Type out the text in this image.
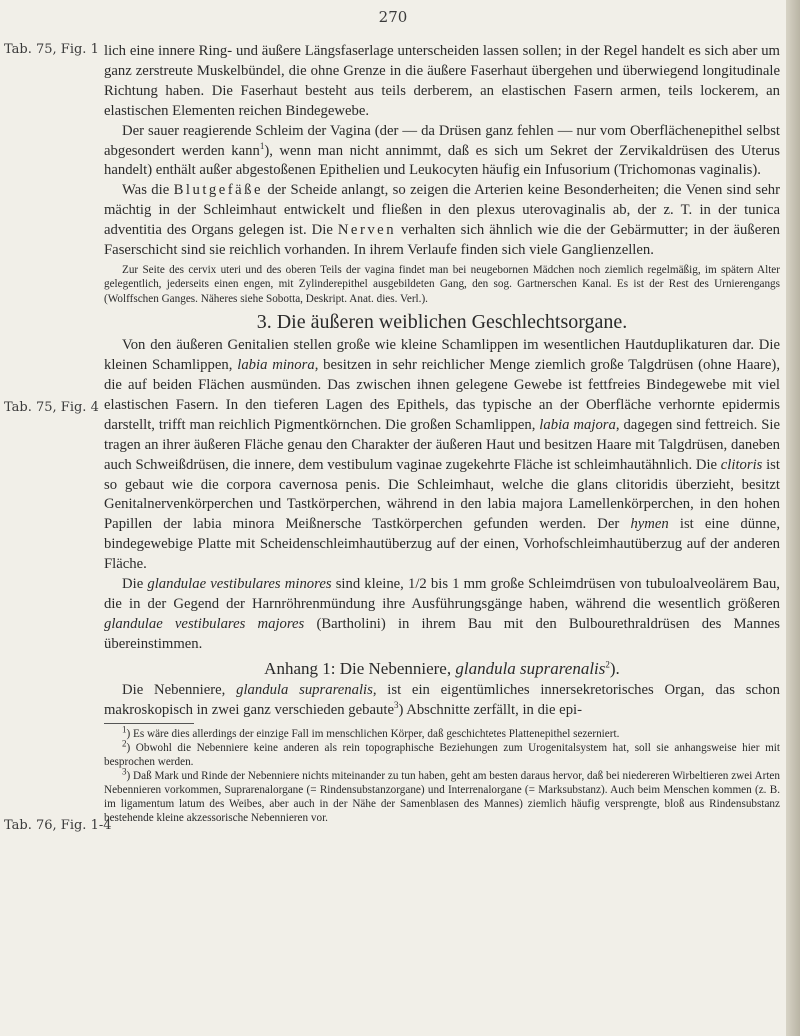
270
Tab. 75, Fig. 1
Tab. 75, Fig. 4
Tab. 76, Fig. 1-4

lich eine innere Ring- und äußere Längsfaserlage unterscheiden lassen sollen; in der Regel handelt es sich aber um ganz zerstreute Muskelbündel, die ohne Grenze in die äußere Faserhaut übergehen und überwiegend longitudinale Richtung haben. Die Faserhaut besteht aus teils derberem, an elastischen Fasern armen, teils lockerem, an elastischen Elementen reichen Bindegewebe.

Der sauer reagierende Schleim der Vagina (der — da Drüsen ganz fehlen — nur vom Oberflächenepithel selbst abgesondert werden kann$^1$), wenn man nicht annimmt, daß es sich um Sekret der Zervikaldrüsen des Uterus handelt) enthält außer abgestoßenen Epithelien und Leukocyten häufig ein Infusorium (Trichomonas vaginalis).

Was die Blutgefäße der Scheide anlangt, so zeigen die Arterien keine Besonderheiten; die Venen sind sehr mächtig in der Schleimhaut entwickelt und fließen in den plexus uterovaginalis ab, der z. T. in der tunica adventitia des Organs gelegen ist. Die Nerven verhalten sich ähnlich wie die der Gebärmutter; in der äußeren Faserschicht sind sie reichlich vorhanden. In ihrem Verlaufe finden sich viele Ganglienzellen.

Zur Seite des cervix uteri und des oberen Teils der vagina findet man bei neugebornen Mädchen noch ziemlich regelmäßig, im spätern Alter gelegentlich, jederseits einen engen, mit Zylinderepithel ausgebildeten Gang, den sog. Gartnerschen Kanal. Es ist der Rest des Urnierengangs (Wolffschen Ganges. Näheres siehe Sobotta, Deskript. Anat. dies. Verl.).

3. Die äußeren weiblichen Geschlechtsorgane.

Von den äußeren Genitalien stellen große wie kleine Schamlippen im wesentlichen Hautduplikaturen dar. Die kleinen Schamlippen, labia minora, besitzen in sehr reichlicher Menge ziemlich große Talgdrüsen (ohne Haare), die auf beiden Flächen ausmünden. Das zwischen ihnen gelegene Gewebe ist fettfreies Bindegewebe mit viel elastischen Fasern. In den tieferen Lagen des Epithels, das typische an der Oberfläche verhornte epidermis darstellt, trifft man reichlich Pigmentkörnchen. Die großen Schamlippen, labia majora, dagegen sind fettreich. Sie tragen an ihrer äußeren Fläche genau den Charakter der äußeren Haut und besitzen Haare mit Talgdrüsen, daneben auch Schweißdrüsen, die innere, dem vestibulum vaginae zugekehrte Fläche ist schleimhautähnlich. Die clitoris ist so gebaut wie die corpora cavernosa penis. Die Schleimhaut, welche die glans clitoridis überzieht, besitzt Genitalnervenkörperchen und Tastkörperchen, während in den labia majora Lamellenkörperchen, in den hohen Papillen der labia minora Meißnersche Tastkörperchen gefunden werden. Der hymen ist eine dünne, bindegewebige Platte mit Scheidenschleimhautüberzug auf der einen, Vorhofschleimhautüberzug auf der anderen Fläche.

Die glandulae vestibulares minores sind kleine, 1/2 bis 1 mm große Schleimdrüsen von tubuloalveolärem Bau, die in der Gegend der Harnröhrenmündung ihre Ausführungsgänge haben, während die wesentlich größeren glandulae vestibulares majores (Bartholini) in ihrem Bau mit den Bulbourethraldrüsen des Mannes übereinstimmen.

Anhang 1: Die Nebenniere, glandula suprarenalis$^2$).

Die Nebenniere, glandula suprarenalis, ist ein eigentümliches innersekretorisches Organ, das schon makroskopisch in zwei ganz verschieden gebaute$^3$) Abschnitte zerfällt, in die epi-

$^1$) Es wäre dies allerdings der einzige Fall im menschlichen Körper, daß geschichtetes Plattenepithel sezerniert.

$^2$) Obwohl die Nebenniere keine anderen als rein topographische Beziehungen zum Urogenitalsystem hat, soll sie anhangsweise hier mit besprochen werden.

$^3$) Daß Mark und Rinde der Nebenniere nichts miteinander zu tun haben, geht am besten daraus hervor, daß bei niedereren Wirbeltieren zwei Arten Nebennieren vorkommen, Suprarenalorgane (= Rindensubstanzorgane) und Interrenalorgane (= Marksubstanz). Auch beim Menschen kommen (z. B. im ligamentum latum des Weibes, aber auch in der Nähe der Samenblasen des Mannes) ziemlich häufig versprengte, bloß aus Rindensubstanz bestehende kleine akzessorische Nebennieren vor.
